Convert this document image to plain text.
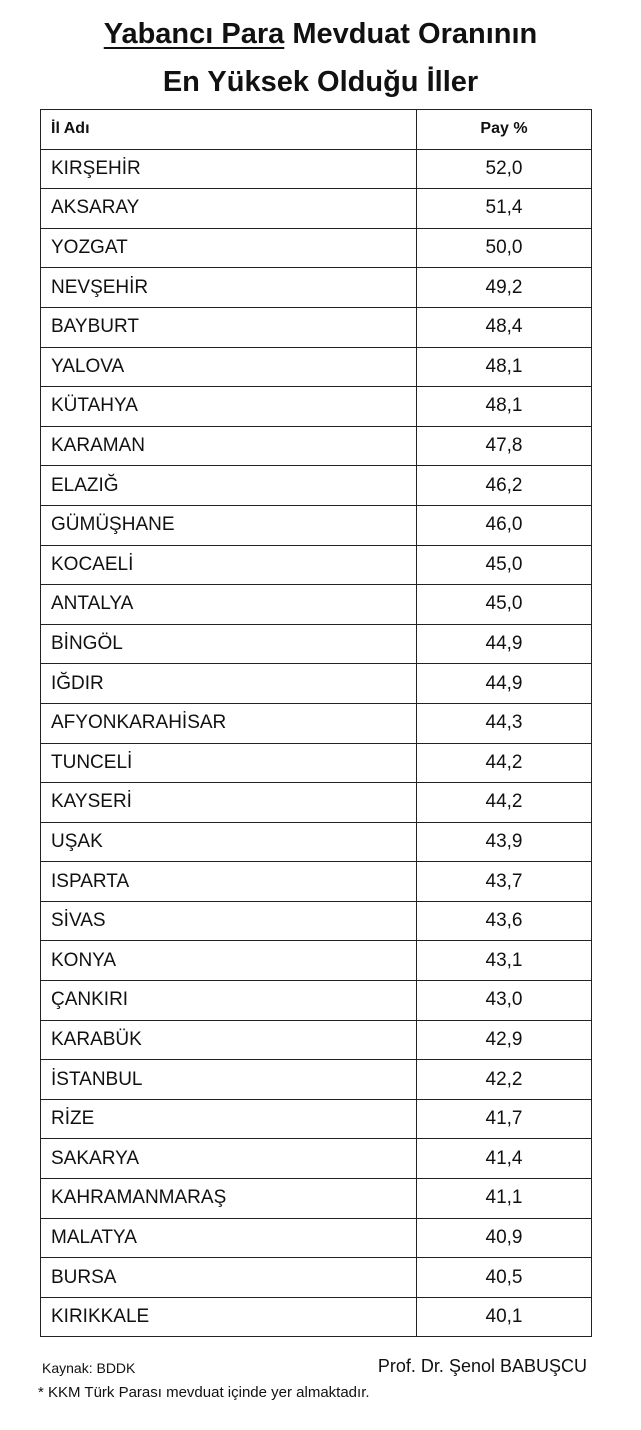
Yabancı Para Mevduat Oranının
En Yüksek Olduğu İller
İl Adı	Pay %
KIRŞEHİR	52,0
AKSARAY	51,4
YOZGAT	50,0
NEVŞEHİR	49,2
BAYBURT	48,4
YALOVA	48,1
KÜTAHYA	48,1
KARAMAN	47,8
ELAZIĞ	46,2
GÜMÜŞHANE	46,0
KOCAELİ	45,0
ANTALYA	45,0
BİNGÖL	44,9
IĞDIR	44,9
AFYONKARAHİSAR	44,3
TUNCELİ	44,2
KAYSERİ	44,2
UŞAK	43,9
ISPARTA	43,7
SİVAS	43,6
KONYA	43,1
ÇANKIRI	43,0
KARABÜK	42,9
İSTANBUL	42,2
RİZE	41,7
SAKARYA	41,4
KAHRAMANMARAŞ	41,1
MALATYA	40,9
BURSA	40,5
KIRIKKALE	40,1
Kaynak: BDDK	Prof. Dr. Şenol BABUŞCU
* KKM Türk Parası mevduat içinde yer almaktadır.
